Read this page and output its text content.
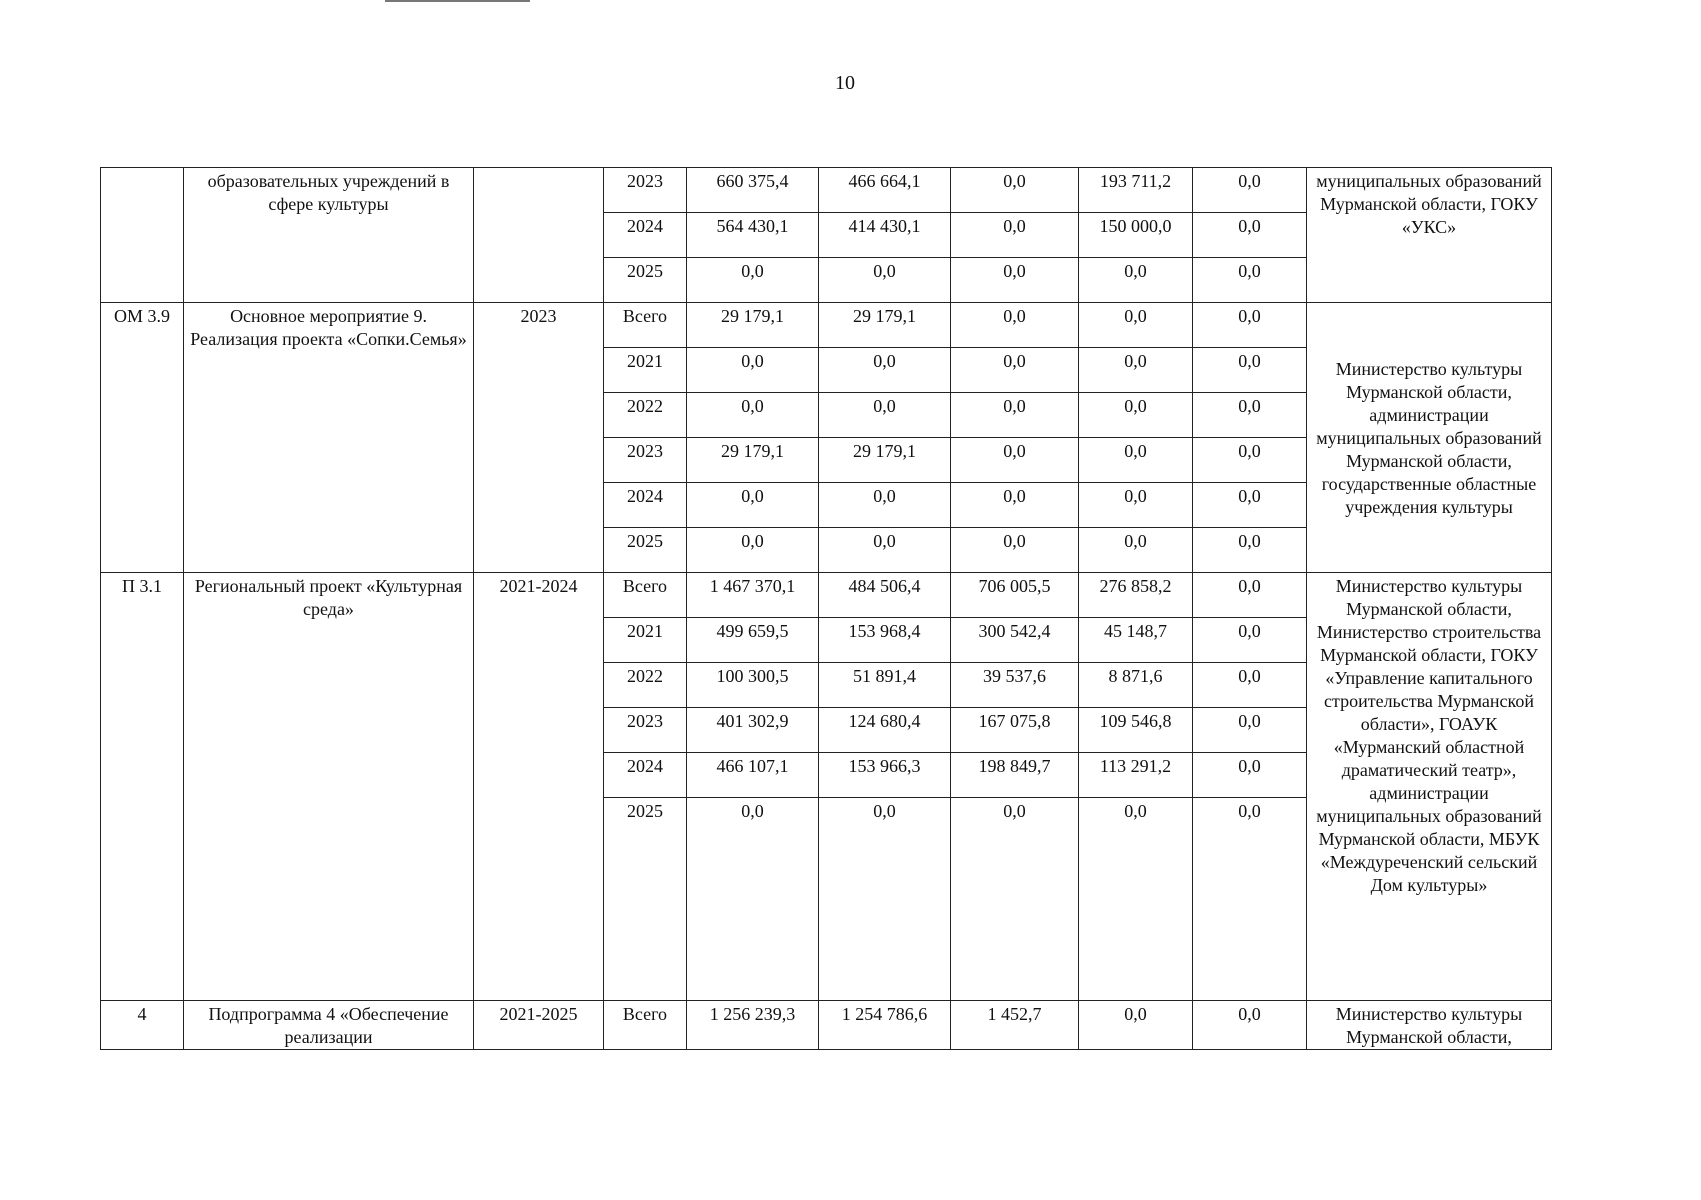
10
	образовательных учреждений в сфере культуры		2023	660 375,4	466 664,1	0,0	193 711,2	0,0	муниципальных образований Мурманской области, ГОКУ «УКС»
			2024	564 430,1	414 430,1	0,0	150 000,0	0,0	
			2025	0,0	0,0	0,0	0,0	0,0	
ОМ 3.9	Основное мероприятие 9. Реализация проекта «Сопки.Семья»	2023	Всего	29 179,1	29 179,1	0,0	0,0	0,0	Министерство культуры Мурманской области, администрации муниципальных образований Мурманской области, государственные областные учреждения культуры
			2021	0,0	0,0	0,0	0,0	0,0	
			2022	0,0	0,0	0,0	0,0	0,0	
			2023	29 179,1	29 179,1	0,0	0,0	0,0	
			2024	0,0	0,0	0,0	0,0	0,0	
			2025	0,0	0,0	0,0	0,0	0,0	
П 3.1	Региональный проект «Культурная среда»	2021-2024	Всего	1 467 370,1	484 506,4	706 005,5	276 858,2	0,0	Министерство культуры Мурманской области, Министерство строительства Мурманской области, ГОКУ «Управление капитального строительства Мурманской области», ГОАУК «Мурманский областной драматический театр», администрации муниципальных образований Мурманской области, МБУК «Междуреченский сельский Дом культуры»
			2021	499 659,5	153 968,4	300 542,4	45 148,7	0,0	
			2022	100 300,5	51 891,4	39 537,6	8 871,6	0,0	
			2023	401 302,9	124 680,4	167 075,8	109 546,8	0,0	
			2024	466 107,1	153 966,3	198 849,7	113 291,2	0,0	
			2025	0,0	0,0	0,0	0,0	0,0	
4	Подпрограмма 4 «Обеспечение реализации	2021-2025	Всего	1 256 239,3	1 254 786,6	1 452,7	0,0	0,0	Министерство культуры Мурманской области,
